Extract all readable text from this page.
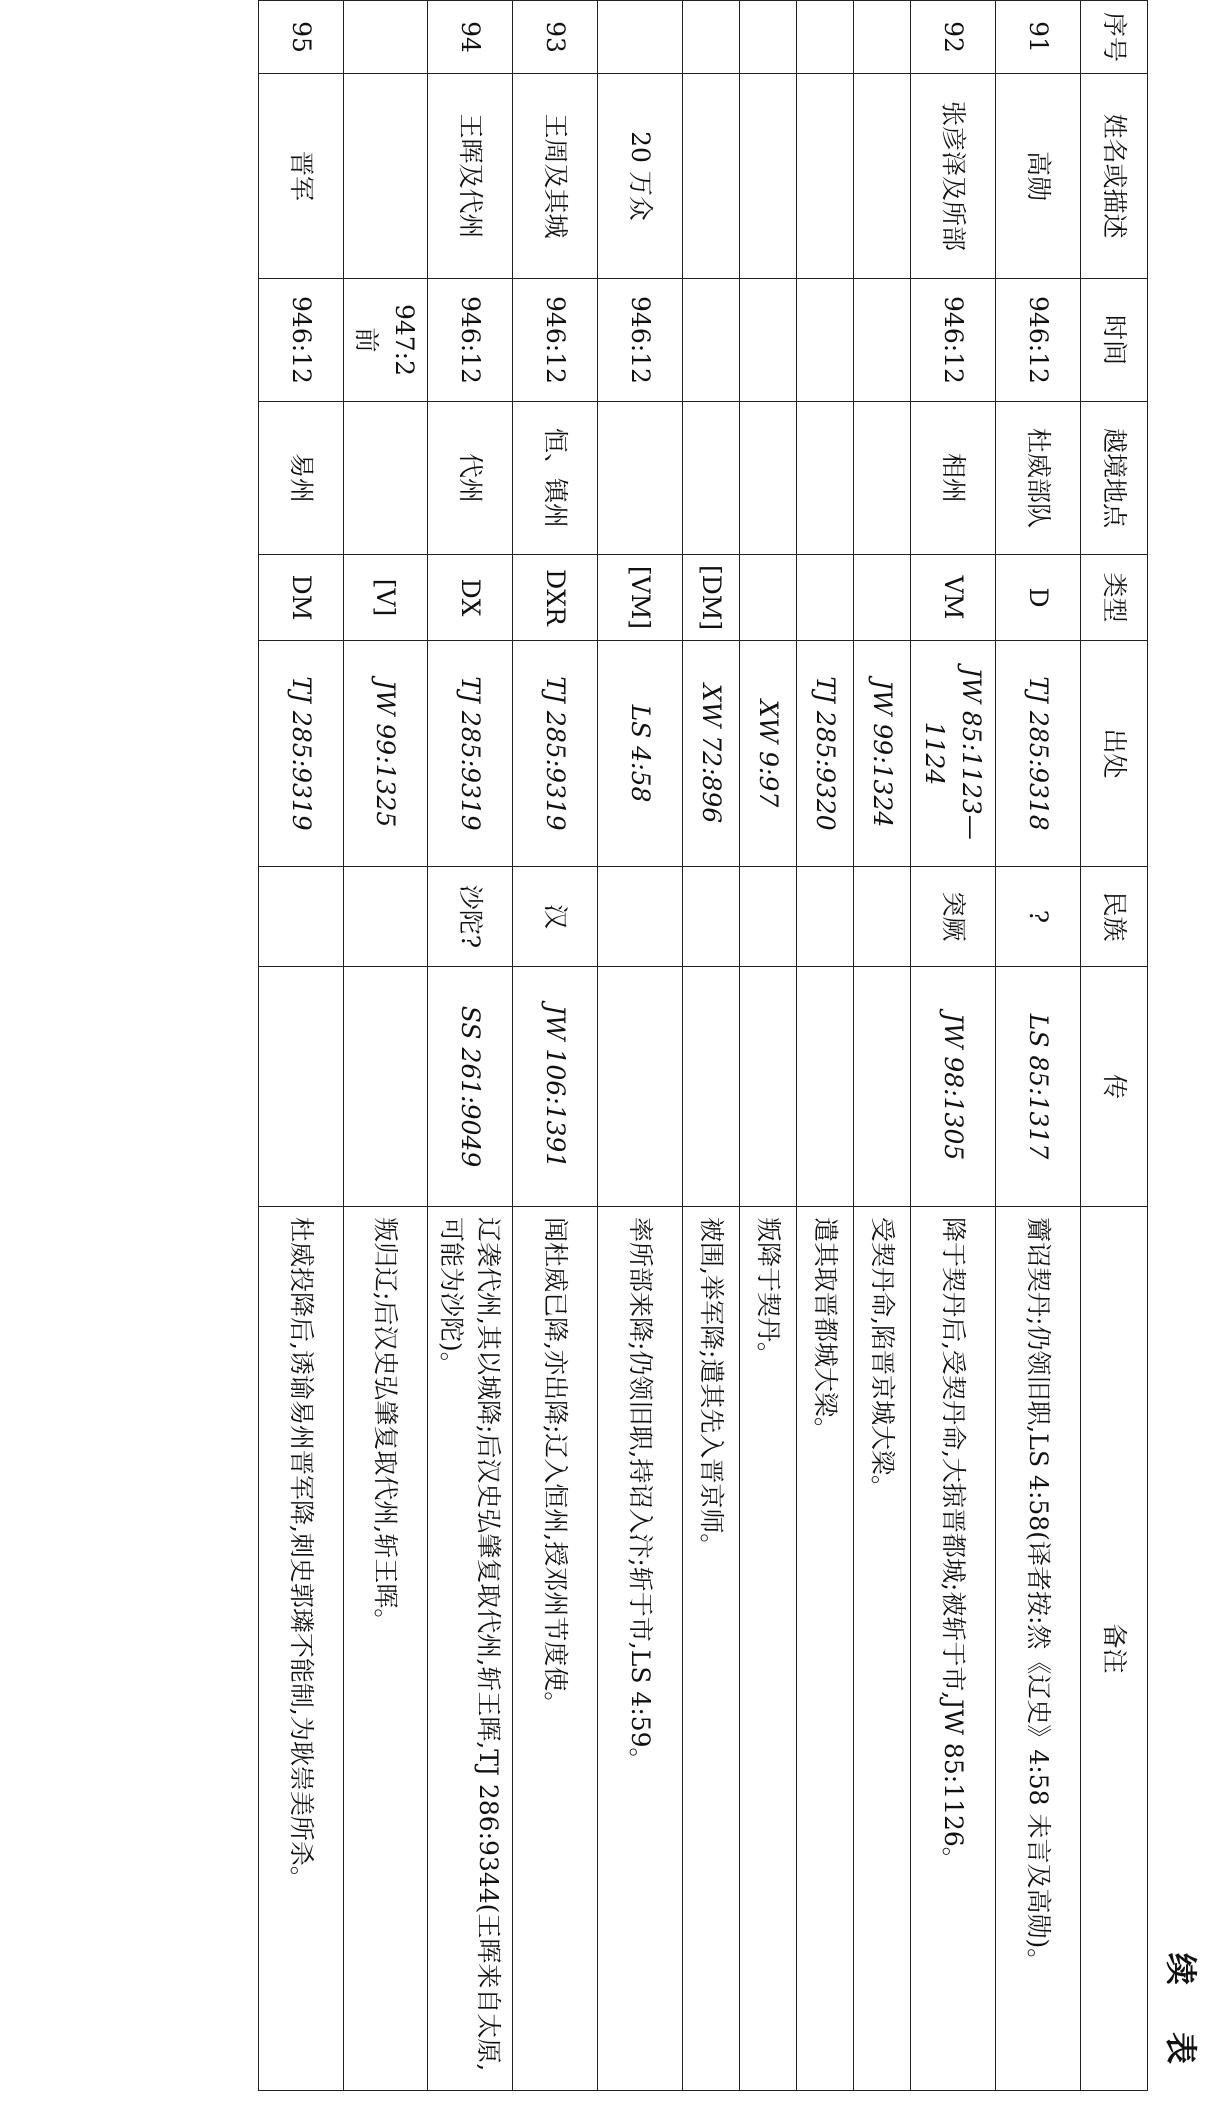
续 表
序号	姓名或描述	时间	越境地点	类型	出处	民族	传	备注
91	高勋	946:12	杜威部队	D	TJ 285:9318	?	LS 85:1317	齎诏契丹;仍领旧职,LS 4:58(译者按:然《辽史》4:58 未言及高勋)。
92	张彦泽及所部	946:12	相州	VM	JW 85:1123—1124	突厥	JW 98:1305	降于契丹后,受契丹命,大掠晋都城;被斩于市,JW 85:1126。
					JW 99:1324			受契丹命,陷晋京城大梁。
					TJ 285:9320			遣其取晋都城大梁。
					XW 9:97			叛降于契丹。
				[DM]	XW 72:896			被围,举军降;遣其先入晋京师。
	20 万众	946:12		[VM]	LS 4:58			率所部来降;仍领旧职,持诏入汴;斩于市,LS 4:59。
93	王周及其城	946:12	恒、镇州	DXR	TJ 285:9319	汉	JW 106:1391	闻杜威已降,亦出降;辽入恒州,授邓州节度使。
94	王晖及代州	946:12	代州	DX	TJ 285:9319	沙陀?	SS 261:9049	辽袭代州,其以城降;后汉史弘肇复取代州,斩王晖,TJ 286:9344(王晖来自太原,可能为沙陀)。
		947:2 前		[V]	JW 99:1325			叛归辽;后汉史弘肇复取代州,斩王晖。
95	晋军	946:12	易州	DM	TJ 285:9319			杜威投降后,诱谕易州晋军降,刺史郭璘不能制,为耿崇美所杀。
